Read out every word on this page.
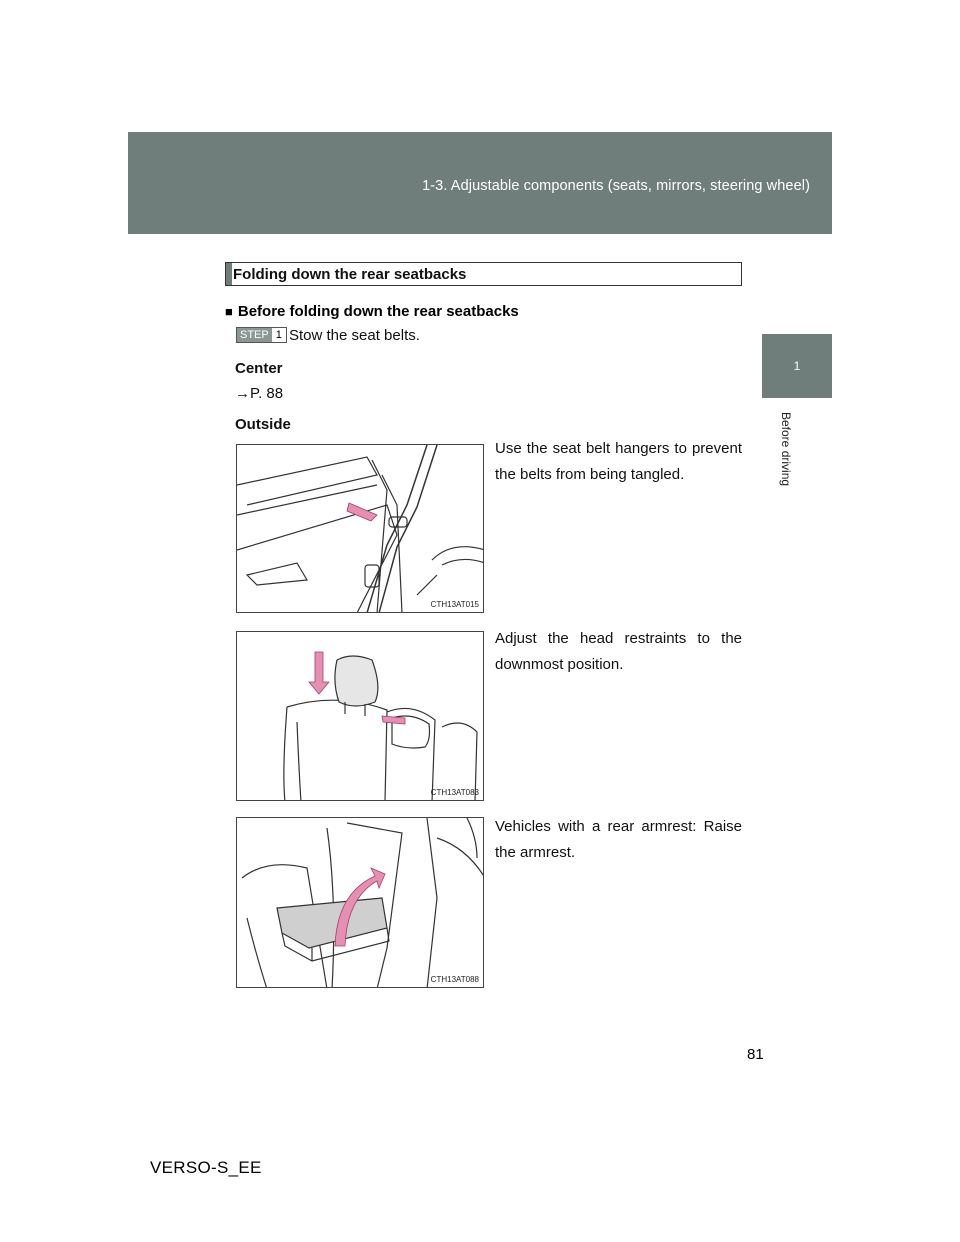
1-3. Adjustable components (seats, mirrors, steering wheel)
1
Before driving
Folding down the rear seatbacks
■ Before folding down the rear seatbacks
STEP 1 Stow the seat belts.
Center
→P. 88
Outside
Use the seat belt hangers to prevent the belts from being tangled.
CTH13AT015
Adjust the head restraints to the downmost position.
CTH13AT083
Vehicles with a rear armrest: Raise the armrest.
CTH13AT088
81
VERSO-S_EE
